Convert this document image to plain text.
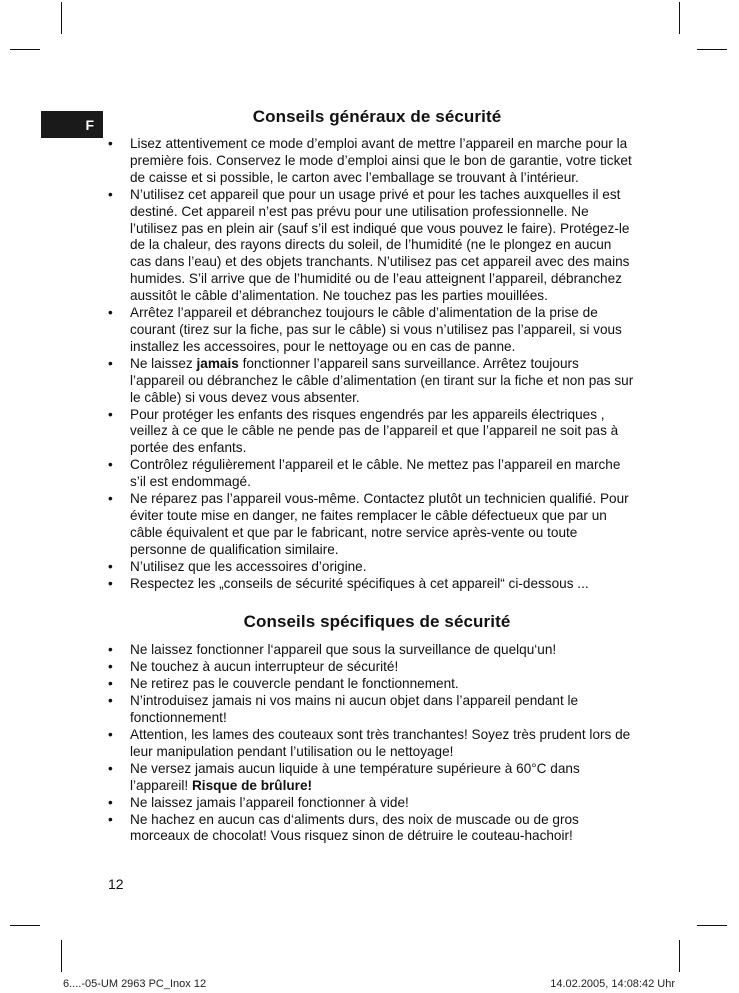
F	Conseils généraux de sécurité
• Lisez attentivement ce mode d’emploi avant de mettre l’appareil en marche pour la première fois. Conservez le mode d’emploi ainsi que le bon de garantie, votre ticket de caisse et si possible, le carton avec l’emballage se trouvant à l’intérieur.
• N’utilisez cet appareil que pour un usage privé et pour les taches auxquelles il est destiné. Cet appareil n’est pas prévu pour une utilisation professionnelle. Ne l’utilisez pas en plein air (sauf s’il est indiqué que vous pouvez le faire). Protégez-le de la chaleur, des rayons directs du soleil, de l’humidité (ne le plongez en aucun cas dans l’eau) et des objets tranchants. N’utilisez pas cet appareil avec des mains humides. S’il arrive que de l’humidité ou de l’eau atteignent l’appareil, débranchez aussitôt le câble d’alimentation. Ne touchez pas les parties mouillées.
• Arrêtez l’appareil et débranchez toujours le câble d’alimentation de la prise de courant (tirez sur la fiche, pas sur le câble) si vous n’utilisez pas l’appareil, si vous installez les accessoires, pour le nettoyage ou en cas de panne.
• Ne laissez jamais fonctionner l’appareil sans surveillance. Arrêtez toujours l’appareil ou débranchez le câble d’alimentation (en tirant sur la fiche et non pas sur le câble) si vous devez vous absenter.
• Pour protéger les enfants des risques engendrés par les appareils électriques , veillez à ce que le câble ne pende pas de l’appareil et que l’appareil ne soit pas à portée des enfants.
• Contrôlez régulièrement l’appareil et le câble. Ne mettez pas l’appareil en marche s’il est endommagé.
• Ne réparez pas l’appareil vous-même. Contactez plutôt un technicien qualifié. Pour éviter toute mise en danger, ne faites remplacer le câble défectueux que par un câble équivalent et que par le fabricant, notre service après-vente ou toute personne de qualification similaire.
• N’utilisez que les accessoires d’origine.
• Respectez les „conseils de sécurité spécifiques à cet appareil“ ci-dessous ...
Conseils spécifiques de sécurité
• Ne laissez fonctionner l‘appareil que sous la surveillance de quelqu‘un!
• Ne touchez à aucun interrupteur de sécurité!
• Ne retirez pas le couvercle pendant le fonctionnement.
• N’introduisez jamais ni vos mains ni aucun objet dans l’appareil pendant le fonctionnement!
• Attention, les lames des couteaux sont très tranchantes! Soyez très prudent lors de leur manipulation pendant l’utilisation ou le nettoyage!
• Ne versez jamais aucun liquide à une température supérieure à 60°C dans l’appareil! Risque de brûlure!
• Ne laissez jamais l’appareil fonctionner à vide!
• Ne hachez en aucun cas d‘aliments durs, des noix de muscade ou de gros morceaux de chocolat! Vous risquez sinon de détruire le couteau-hachoir!
12
6....-05-UM 2963 PC_Inox 12	14.02.2005, 14:08:42 Uhr
